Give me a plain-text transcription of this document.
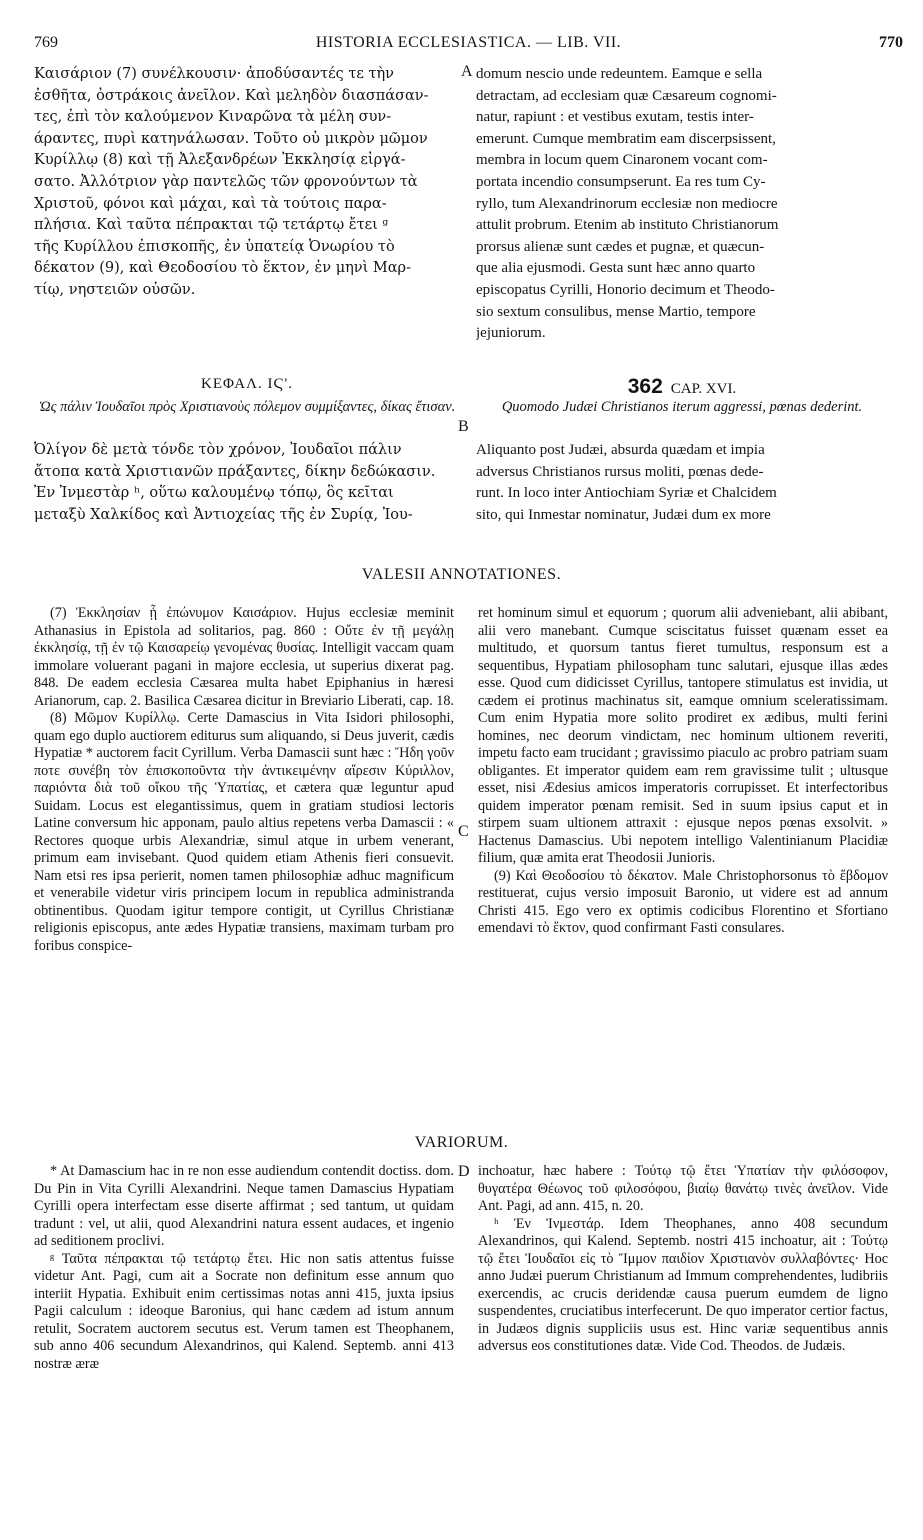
769	HISTORIA ECCLESIASTICA. — LIB. VII.	770

Καισάριον (7) συνέλκουσιν· ἀποδύσαντές τε τὴν

ἐσθῆτα, ὀστράκοις ἀνεῖλον. Καὶ μεληδὸν διασπάσαν-

τες, ἐπὶ τὸν καλούμενον Κιναρῶνα τὰ μέλη συν-

άραντες, πυρὶ κατηνάλωσαν. Τοῦτο οὐ μικρὸν μῶμον

Κυρίλλῳ (8) καὶ τῇ Ἀλεξανδρέων Ἐκκλησίᾳ εἰργά-

σατο. Ἀλλότριον γὰρ παντελῶς τῶν φρονούντων τὰ

Χριστοῦ, φόνοι καὶ μάχαι, καὶ τὰ τούτοις παρα-

πλήσια. Καὶ ταῦτα πέπρακται τῷ τετάρτῳ ἔτει ᵍ

τῆς Κυρίλλου ἐπισκοπῆς, ἐν ὑπατείᾳ Ὀνωρίου τὸ

δέκατον (9), καὶ Θεοδοσίου τὸ ἕκτον, ἐν μηνὶ Μαρ-

τίῳ, νηστειῶν οὐσῶν.

A domum nescio unde redeuntem. Eamque e sella

detractam, ad ecclesiam quæ Cæsareum cognomi-

natur, rapiunt : et vestibus exutam, testis inter-

emerunt. Cumque membratim eam discerpsissent,

membra in locum quem Cinaronem vocant com-

portata incendio consumpserunt. Ea res tum Cy-

ryllo, tum Alexandrinorum ecclesiæ non mediocre

attulit probrum. Etenim ab instituto Christianorum

prorsus alienæ sunt cædes et pugnæ, et quæcun-

que alia ejusmodi. Gesta sunt hæc anno quarto

episcopatus Cyrilli, Honorio decimum et Theodo-

sio sextum consulibus, mense Martio, tempore

jejuniorum.

ΚΕΦΑΛ. ΙϚ'.	362 CAP. XVI.
Ὡς πάλιν Ἰουδαῖοι πρὸς Χριστιανοὺς πόλεμον συμμίξαντες, δίκας ἔτισαν.	Quomodo Judæi Christianos iterum aggressi, pœnas dederint.
B

Ὀλίγον δὲ μετὰ τόνδε τὸν χρόνον, Ἰουδαῖοι πάλιν

ἄτοπα κατὰ Χριστιανῶν πράξαντες, δίκην δεδώκασιν.

Ἐν Ἰνμεστὰρ ʰ, οὕτω καλουμένῳ τόπῳ, ὃς κεῖται

μεταξὺ Χαλκίδος καὶ Ἀντιοχείας τῆς ἐν Συρίᾳ, Ἰου-

Aliquanto post Judæi, absurda quædam et impia

adversus Christianos rursus moliti, pœnas dede-

runt. In loco inter Antiochiam Syriæ et Chalcidem

sito, qui Inmestar nominatur, Judæi dum ex more

VALESII ANNOTATIONES.

(7) Ἐκκλησίαν ᾗ ἐπώνυμον Καισάριον. Hujus ecclesiæ meminit Athanasius in Epistola ad solitarios, pag. 860 : Οὔτε ἐν τῇ μεγάλῃ ἐκκλησίᾳ, τῇ ἐν τῷ Καισαρείῳ γενομένας θυσίας. Intelligit vaccam quam immolare voluerant pagani in majore ecclesia, ut superius dixerat pag. 848. De eadem ecclesia Cæsarea multa habet Epiphanius in hæresi Arianorum, cap. 2. Basilica Cæsarea dicitur in Breviario Liberati, cap. 18.

(8) Μῶμον Κυρίλλῳ. Certe Damascius in Vita Isidori philosophi, quam ego duplo auctiorem editurus sum aliquando, si Deus juverit, cædis Hypatiæ * auctorem facit Cyrillum. Verba Damascii sunt hæc : Ἤδη γοῦν ποτε συνέβη τὸν ἐπισκοποῦντα τὴν ἀντικειμένην αἵρεσιν Κύριλλον, παριόντα διὰ τοῦ οἴκου τῆς Ὑπατίας, et cætera quæ leguntur apud Suidam. Locus est elegantissimus, quem in gratiam studiosi lectoris Latine conversum hic apponam, paulo altius repetens verba Damascii : « Rectores quoque urbis Alexandriæ, simul atque in urbem venerant, primum eam invisebant. Quod quidem etiam Athenis fieri consuevit. Nam etsi res ipsa perierit, nomen tamen philosophiæ adhuc magnificum et venerabile videtur viris principem locum in republica administranda obtinentibus. Quodam igitur tempore contigit, ut Cyrillus Christianæ religionis episcopus, ante ædes Hypatiæ transiens, maximam turbam pro foribus conspice-

C

ret hominum simul et equorum ; quorum alii adveniebant, alii abibant, alii vero manebant. Cumque sciscitatus fuisset quænam esset ea multitudo, et quorsum tantus fieret tumultus, responsum est a sequentibus, Hypatiam philosopham tunc salutari, ejusque illas ædes esse. Quod cum didicisset Cyrillus, tantopere stimulatus est invidia, ut cædem ei protinus machinatus sit, eamque omnium sceleratissimam. Cum enim Hypatia more solito prodiret ex ædibus, multi ferini homines, nec deorum vindictam, nec hominum ultionem reveriti, impetu facto eam trucidant ; gravissimo piaculo ac probro patriam suam obligantes. Et imperator quidem eam rem gravissime tulit ; ultusque esset, nisi Ædesius amicos imperatoris corrupisset. Et interfectoribus quidem imperator pœnam remisit. Sed in suum ipsius caput et in stirpem suam ultionem attraxit : ejusque nepos pœnas exsolvit. » Hactenus Damascius. Ubi nepotem intelligo Valentinianum Placidiæ filium, quæ amita erat Theodosii Junioris.

(9) Καὶ Θεοδοσίου τὸ δέκατον. Male Christophorsonus τὸ ἕβδομον restituerat, cujus versio imposuit Baronio, ut videre est ad annum Christi 415. Ego vero ex optimis codicibus Florentino et Sfortiano emendavi τὸ ἕκτον, quod confirmant Fasti consulares.

VARIORUM.

* At Damascium hac in re non esse audiendum contendit doctiss. dom. Du Pin in Vita Cyrilli Alexandrini. Neque tamen Damascius Hypatiam Cyrilli opera interfectam esse diserte affirmat ; sed tantum, ut quidam tradunt : vel, ut alii, quod Alexandrini natura essent audaces, et ingenio ad seditionem proclivi.

ᵍ Ταῦτα πέπρακται τῷ τετάρτῳ ἔτει. Hic non satis attentus fuisse videtur Ant. Pagi, cum ait a Socrate non definitum esse annum quo interiit Hypatia. Exhibuit enim certissimas notas anni 415, juxta ipsius Pagii calculum : ideoque Baronius, qui hanc cædem ad istum annum retulit, Socratem auctorem secutus est. Verum tamen est Theophanem, sub anno 406 secundum Alexandrinos, qui Kalend. Septemb. anni 413 nostræ æræ

D inchoatur, hæc habere : Τούτῳ τῷ ἔτει Ὑπατίαν τὴν φιλόσοφον, θυγατέρα Θέωνος τοῦ φιλοσόφου, βιαίῳ θανάτῳ τινὲς ἀνεῖλον. Vide Ant. Pagi, ad ann. 415, n. 20.

ʰ Ἐν Ἰνμεστάρ. Idem Theophanes, anno 408 secundum Alexandrinos, qui Kalend. Septemb. nostri 415 inchoatur, ait : Τούτῳ τῷ ἔτει Ἰουδαῖοι εἰς τὸ Ἴμμον παιδίον Χριστιανὸν συλλαβόντες· Hoc anno Judæi puerum Christianum ad Immum comprehendentes, ludibriis exercendis, ac crucis deridendæ causa puerum eumdem de ligno suspendentes, cruciatibus interfecerunt. De quo imperator certior factus, in Judæos dignis suppliciis usus est. Hinc variæ sequentibus annis adversus eos constitutiones datæ. Vide Cod. Theodos. de Judæis.
